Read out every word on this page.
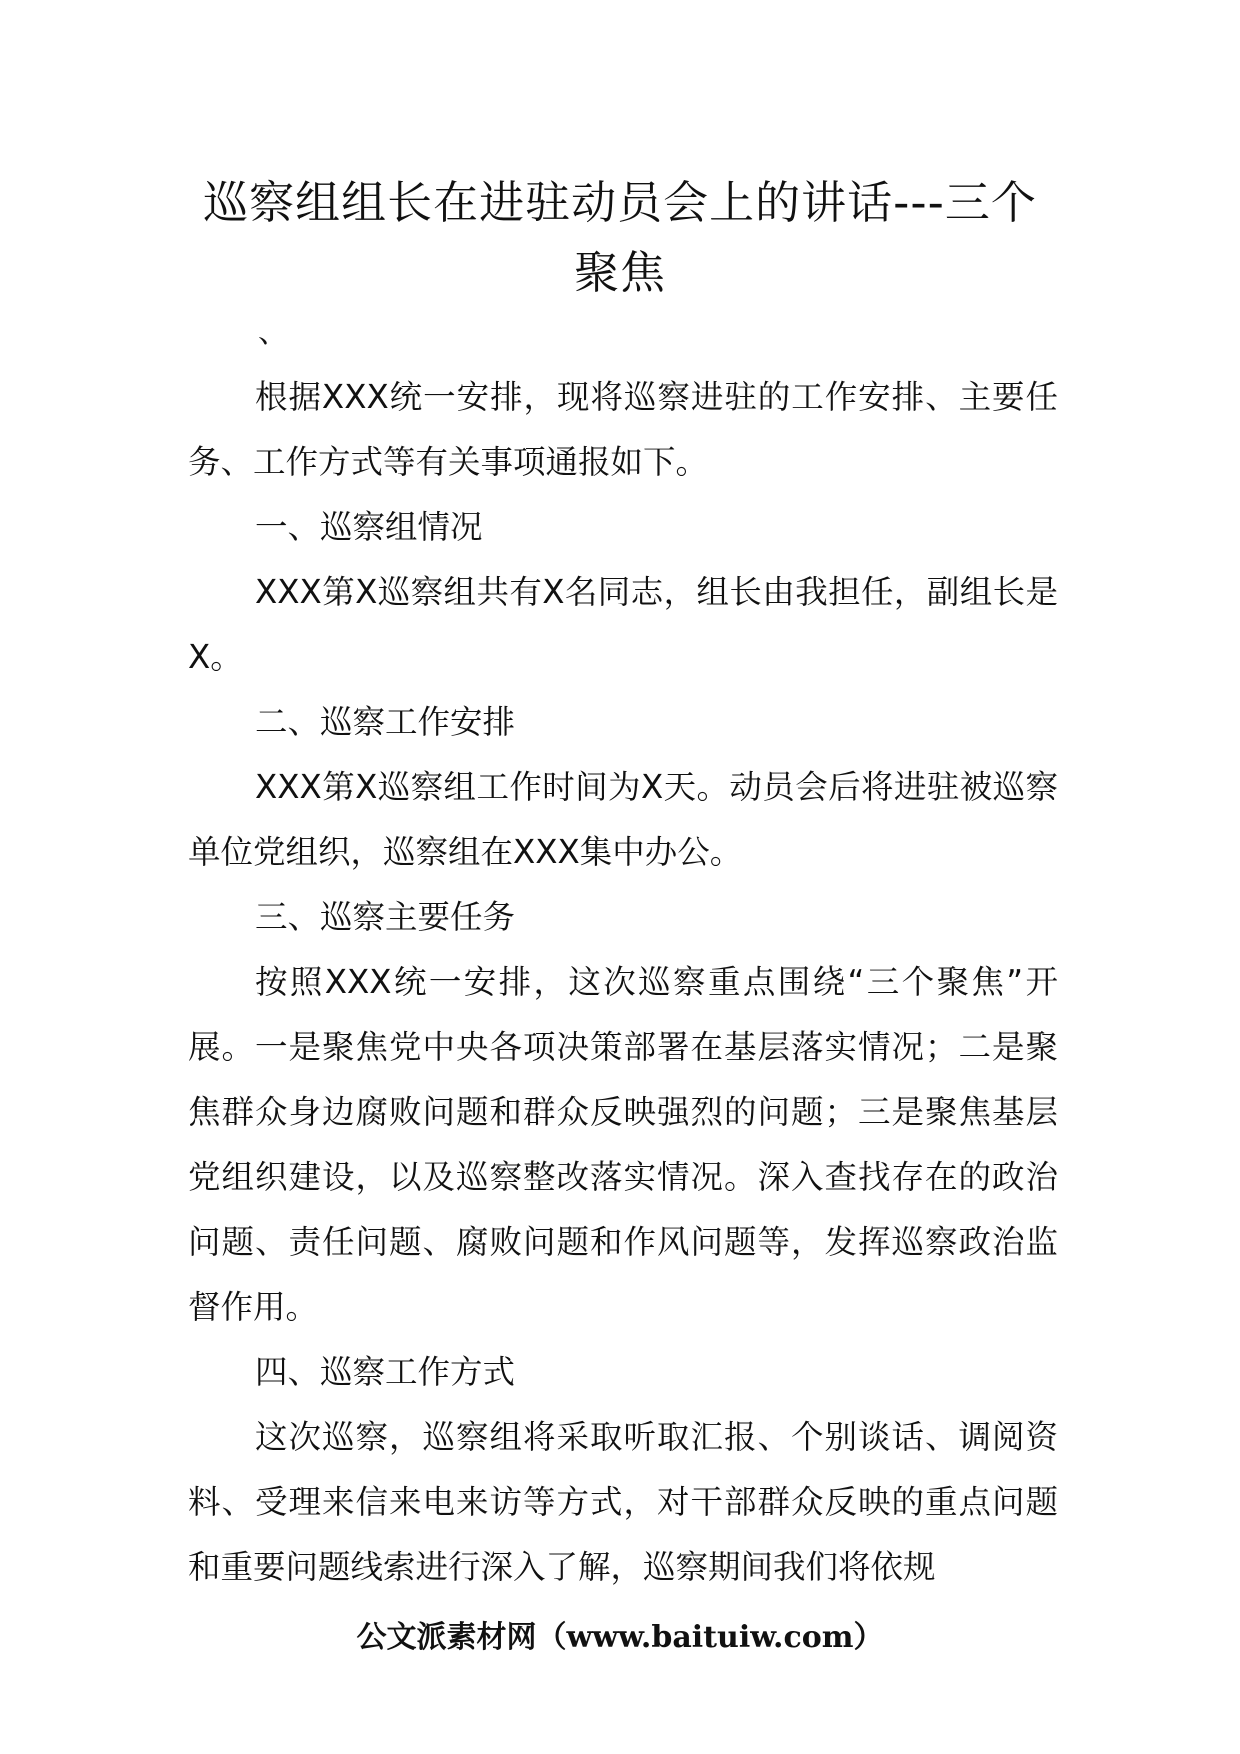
巡察组组长在进驻动员会上的讲话---三个
聚焦
、

根据XXX统一安排，现将巡察进驻的工作安排、主要任务、工作方式等有关事项通报如下。

一、巡察组情况

XXX第X巡察组共有X名同志，组长由我担任，副组长是X。

二、巡察工作安排

XXX第X巡察组工作时间为X天。动员会后将进驻被巡察单位党组织，巡察组在XXX集中办公。

三、巡察主要任务

按照XXX统一安排，这次巡察重点围绕“三个聚焦”开展。一是聚焦党中央各项决策部署在基层落实情况；二是聚焦群众身边腐败问题和群众反映强烈的问题；三是聚焦基层党组织建设，以及巡察整改落实情况。深入查找存在的政治问题、责任问题、腐败问题和作风问题等，发挥巡察政治监督作用。

四、巡察工作方式

这次巡察，巡察组将采取听取汇报、个别谈话、调阅资料、受理来信来电来访等方式，对干部群众反映的重点问题和重要问题线索进行深入了解，巡察期间我们将依规

公文派素材网（www.baituiw.com）
